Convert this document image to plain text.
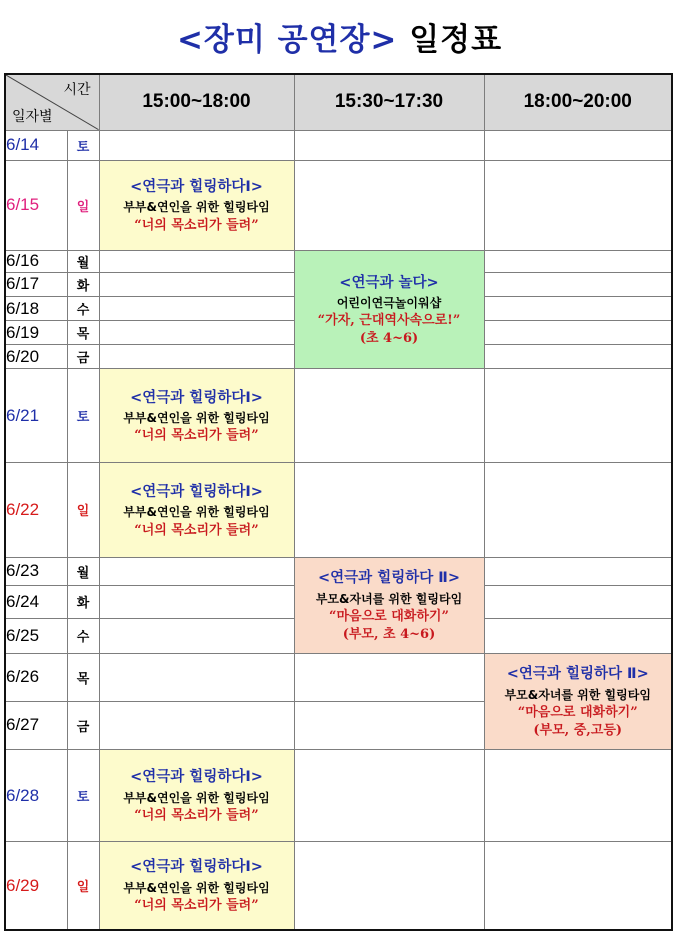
<장미 공연장> 일정표
시간
일자별		15:00~18:00	15:30~17:30	18:00~20:00
6/14	토			
6/15	일	<연극과 힐링하다Ⅰ>
부부&연인을 위한 힐링타임
“너의 목소리가 들려”		

6/16	월		<연극과 놀다>
어린이연극놀이워샵
“가자, 근대역사속으로!”
(초 4~6)	

6/17	화			
6/18	수			
6/19	목			
6/20	금			
6/21	토	<연극과 힐링하다Ⅰ>
부부&연인을 위한 힐링타임
“너의 목소리가 들려”		

6/22	일	<연극과 힐링하다Ⅰ>
부부&연인을 위한 힐링타임
“너의 목소리가 들려”		

6/23	월		<연극과 힐링하다 Ⅱ>
부모&자녀를 위한 힐링타임
“마음으로 대화하기”
(부모, 초 4~6)	

6/24	화			
6/25	수			
6/26	목			<연극과 힐링하다 Ⅱ>
부모&자녀를 위한 힐링타임
“마음으로 대화하기”
(부모, 중,고등)

6/27	금			
6/28	토	<연극과 힐링하다Ⅰ>
부부&연인을 위한 힐링타임
“너의 목소리가 들려”		

6/29	일	<연극과 힐링하다Ⅰ>
부부&연인을 위한 힐링타임
“너의 목소리가 들려”		
